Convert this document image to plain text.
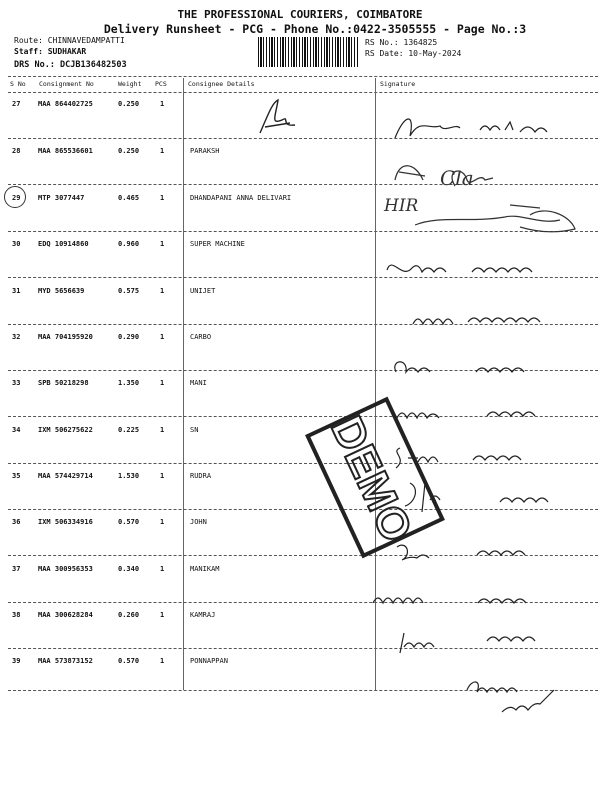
THE PROFESSIONAL COURIERS, COIMBATORE
Delivery Runsheet - PCG - Phone No.:0422-3505555 - Page No.:3
Route: CHINNAVEDAMPATTI
Staff: SUDHAKAR
DRS No.: DCJB136482503
RS No.: 1364825
RS Date: 10-May-2024
S No Consignment No	Weight PCS	Consignee Details	Signature
27	MAA 864402725	0.250	1
28	MAA 865536601	0.250	1	PARAKSH
29	MTP 3077447	0.465	1	DHANDAPANI ANNA DELIVARI
30	EDQ 10914860	0.960	1	SUPER MACHINE
31	MYD 5656639	0.575	1	UNIJET
32	MAA 704195920	0.290	1	CARBO
33	SPB 50218298	1.350	1	MANI
34	IXM 506275622	0.225	1	SN
35	MAA 574429714	1.530	1	RUDRA
36	IXM 506334916	0.570	1	JOHN
37	MAA 300956353	0.340	1	MANIKAM
38	MAA 300628284	0.260	1	KAMRAJ
39	MAA 573873152	0.570	1	PONNAPPAN
Cla
HIR
DEMO
